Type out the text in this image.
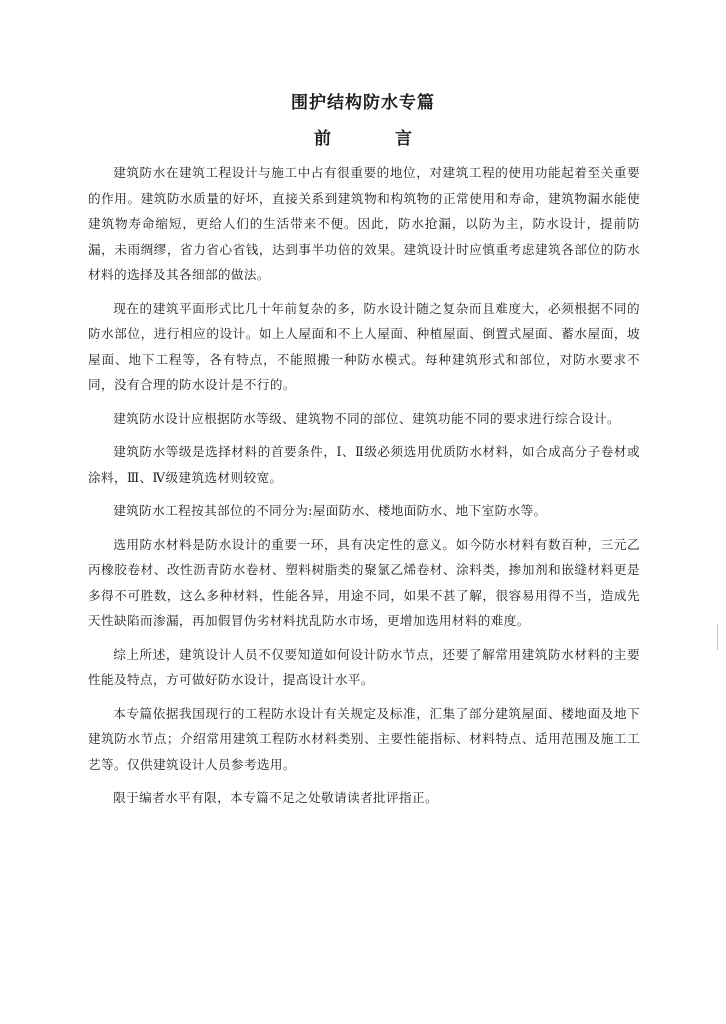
围护结构防水专篇
前言

建筑防水在建筑工程设计与施工中占有很重要的地位，对建筑工程的使用功能起着至关重要的作用。建筑防水质量的好坏，直接关系到建筑物和构筑物的正常使用和寿命，建筑物漏水能使建筑物寿命缩短，更给人们的生活带来不便。因此，防水抢漏，以防为主，防水设计，提前防漏，未雨绸缪，省力省心省钱，达到事半功倍的效果。建筑设计时应慎重考虑建筑各部位的防水材料的选择及其各细部的做法。

现在的建筑平面形式比几十年前复杂的多，防水设计随之复杂而且难度大，必须根据不同的防水部位，进行相应的设计。如上人屋面和不上人屋面、种植屋面、倒置式屋面、蓄水屋面，坡屋面、地下工程等，各有特点，不能照搬一种防水模式。每种建筑形式和部位，对防水要求不同，没有合理的防水设计是不行的。

建筑防水设计应根据防水等级、建筑物不同的部位、建筑功能不同的要求进行综合设计。

建筑防水等级是选择材料的首要条件，Ⅰ、Ⅱ级必须选用优质防水材料，如合成高分子卷材或涂料，Ⅲ、Ⅳ级建筑选材则较宽。

建筑防水工程按其部位的不同分为:屋面防水、楼地面防水、地下室防水等。

选用防水材料是防水设计的重要一环，具有决定性的意义。如今防水材料有数百种，三元乙丙橡胶卷材、改性沥青防水卷材、塑料树脂类的聚氯乙烯卷材、涂料类，掺加剂和嵌缝材料更是多得不可胜数，这么多种材料，性能各异，用途不同，如果不甚了解，很容易用得不当，造成先天性缺陷而渗漏，再加假冒伪劣材料扰乱防水市场，更增加选用材料的难度。

综上所述，建筑设计人员不仅要知道如何设计防水节点，还要了解常用建筑防水材料的主要性能及特点，方可做好防水设计，提高设计水平。

本专篇依据我国现行的工程防水设计有关规定及标准，汇集了部分建筑屋面、楼地面及地下建筑防水节点；介绍常用建筑工程防水材料类别、主要性能指标、材料特点、适用范围及施工工艺等。仅供建筑设计人员参考选用。

限于编者水平有限，本专篇不足之处敬请读者批评指正。
